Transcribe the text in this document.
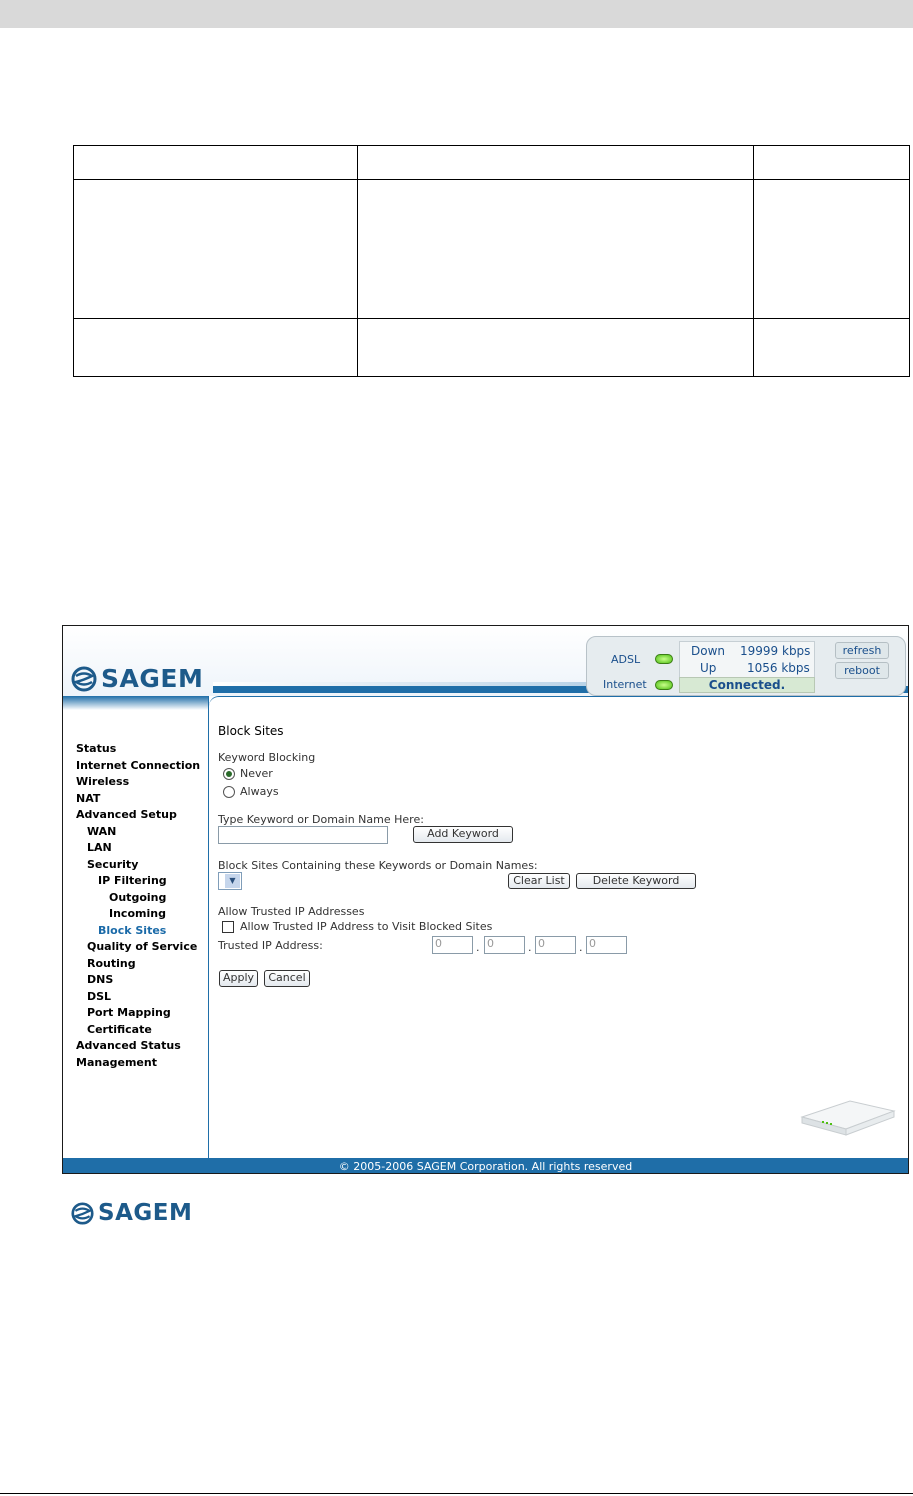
SAGEM
ADSL
Down 19999 kbps
Up	1056 kbps
refresh
reboot
Internet	Connected.
Status
Internet Connection
Wireless
NAT
Advanced Setup
WAN
LAN
Security
IP Filtering
Outgoing
Incoming
Block Sites
Quality of Service
Routing
DNS
DSL
Port Mapping
Certificate
Advanced Status
Management
SAGEM
Block Sites
Keyword Blocking
Never
Always
Type Keyword or Domain Name Here:
Add Keyword
Block Sites Containing these Keywords or Domain Names:
▼	Clear List	Delete Keyword
Allow Trusted IP Addresses
Allow Trusted IP Address to Visit Blocked Sites
Trusted IP Address:	0	. 0	. 0	. 0
Apply	Cancel
© 2005-2006 SAGEM Corporation. All rights reserved
